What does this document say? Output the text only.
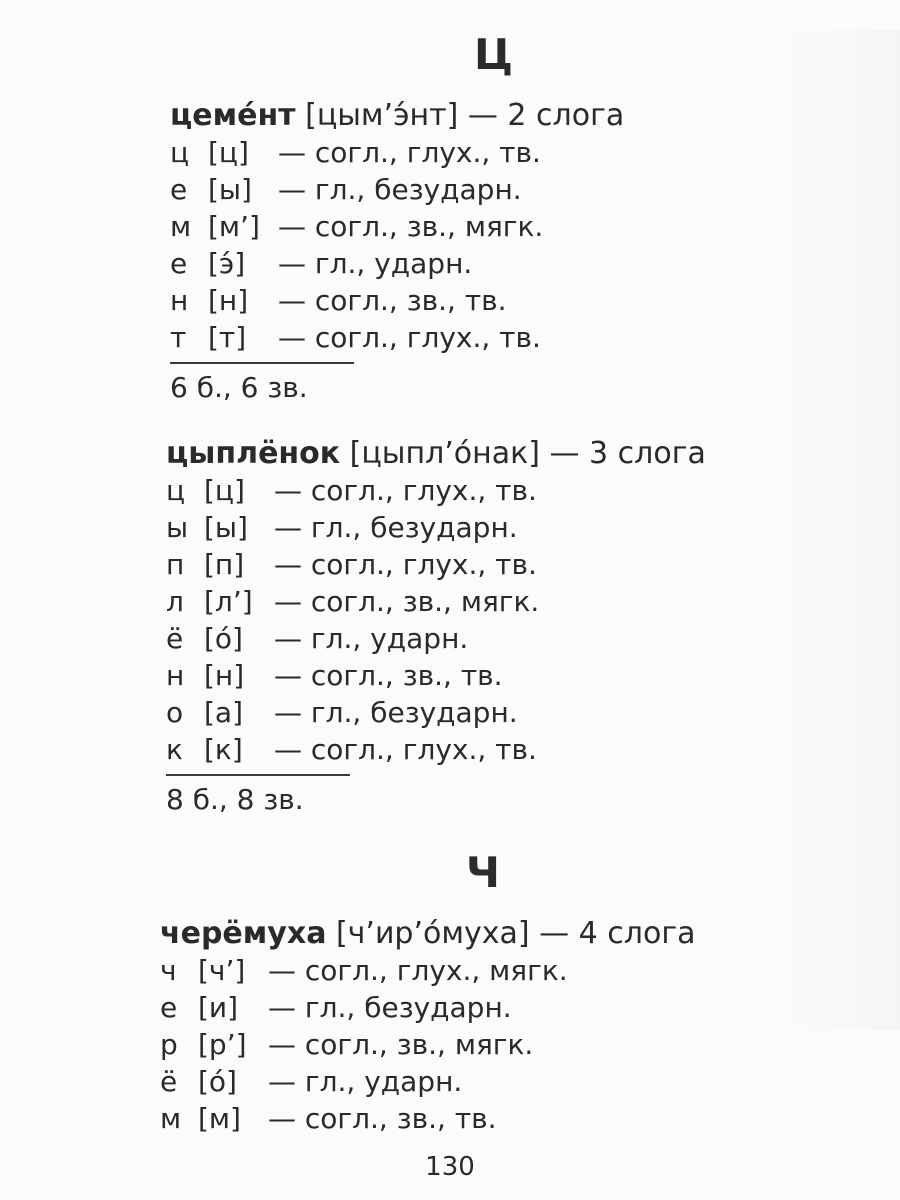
Ц
цеме́нт [цым’э́нт] — 2 слога
ц [ц] — согл., глух., тв.
е [ы] — гл., безударн.
м [м’] — согл., зв., мягк.
е [э́] — гл., ударн.
н [н] — согл., зв., тв.
т [т] — согл., глух., тв.
6 б., 6 зв.
цыплёнок [цыпл’о́нак] — 3 слога
ц [ц] — согл., глух., тв.
ы [ы] — гл., безударн.
п [п] — согл., глух., тв.
л [л’] — согл., зв., мягк.
ё [о́] — гл., ударн.
н [н] — согл., зв., тв.
о [а] — гл., безударн.
к [к] — согл., глух., тв.
8 б., 8 зв.
Ч
черёмуха [ч’ир’о́муха] — 4 слога
ч [ч’] — согл., глух., мягк.
е [и] — гл., безударн.
р [р’] — согл., зв., мягк.
ё [о́] — гл., ударн.
м [м] — согл., зв., тв.
130
